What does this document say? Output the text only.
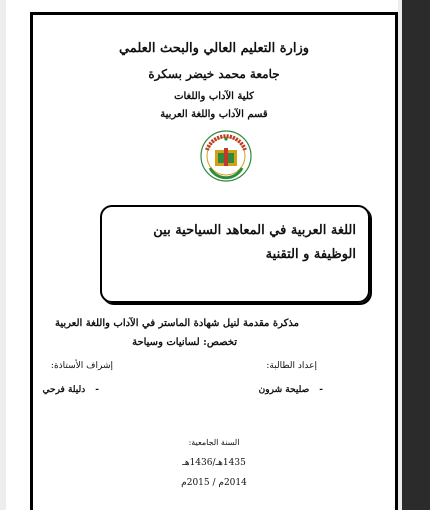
وزارة التعليم العالي والبحث العلمي
جامعة محمد خيضر بسكرة
كلية الآداب واللغات
قسم الآداب واللغة العربية
اللغة العربية في المعاهد السياحية بين الوظيفة و التقنية
مذكرة مقدمة لنيل شهادة الماستر في الآداب واللغة العربية
تخصص: لسانيات وسياحة
إعداد الطالبة:
إشراف الأستاذة:
-صليحة شرون
-دليلة فرحي
السنة الجامعية:
1435هـ/1436هـ
2014م / 2015م
